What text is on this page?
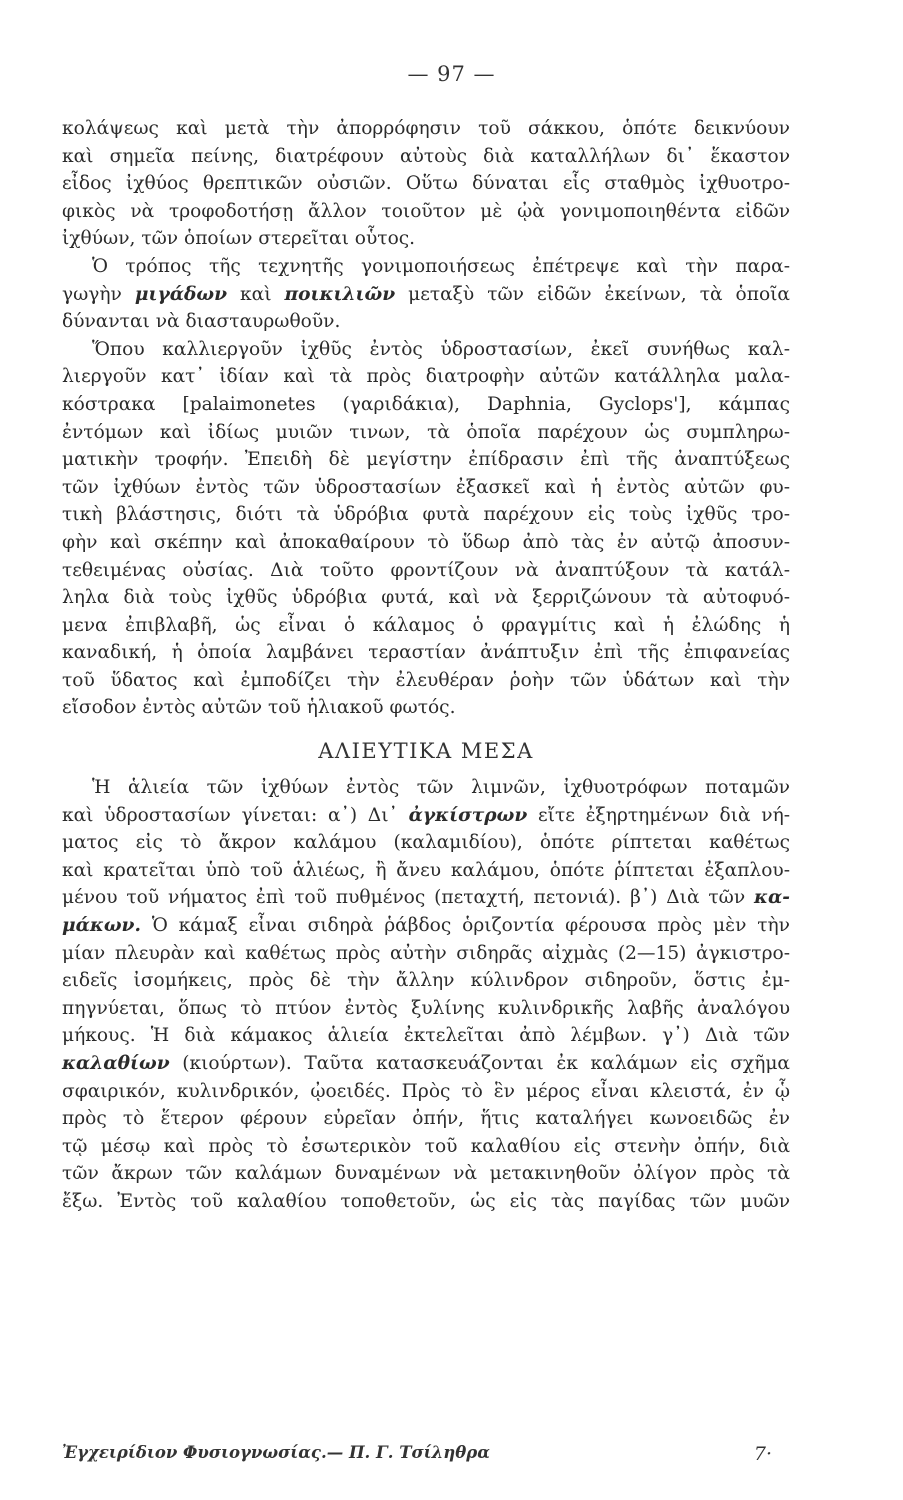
— 97 —
κολάψεως καὶ μετὰ τὴν ἀπορρόφησιν τοῦ σάκκου, ὁπότε δεικνύουν
καὶ σημεῖα πείνης, διατρέφουν αὐτοὺς διὰ καταλλήλων δι᾽ ἕκαστον
εἶδος ἰχθύος θρεπτικῶν οὐσιῶν. Οὕτω δύναται εἷς σταθμὸς ἰχθυοτρο-
φικὸς νὰ τροφοδοτήσῃ ἄλλον τοιοῦτον μὲ ᾠὰ γονιμοποιηθέντα εἰδῶν
ἰχθύων, τῶν ὁποίων στερεῖται οὗτος.
Ὁ τρόπος τῆς τεχνητῆς γονιμοποιήσεως ἐπέτρεψε καὶ τὴν παρα-
γωγὴν μιγάδων καὶ ποικιλιῶν μεταξὺ τῶν εἰδῶν ἐκείνων, τὰ ὁποῖα
δύνανται νὰ διασταυρωθοῦν.
Ὅπου καλλιεργοῦν ἰχθῦς ἐντὸς ὑδροστασίων, ἐκεῖ συνήθως καλ-
λιεργοῦν κατ᾽ ἰδίαν καὶ τὰ πρὸς διατροφὴν αὐτῶν κατάλληλα μαλα-
κόστρακα [palaimonetes (γαριδάκια), Daphnia, Gyclops'], κάμπας
ἐντόμων καὶ ἰδίως μυιῶν τινων, τὰ ὁποῖα παρέχουν ὡς συμπληρω-
ματικὴν τροφήν. Ἐπειδὴ δὲ μεγίστην ἐπίδρασιν ἐπὶ τῆς ἀναπτύξεως
τῶν ἰχθύων ἐντὸς τῶν ὑδροστασίων ἐξασκεῖ καὶ ἡ ἐντὸς αὐτῶν φυ-
τικὴ βλάστησις, διότι τὰ ὑδρόβια φυτὰ παρέχουν εἰς τοὺς ἰχθῦς τρο-
φὴν καὶ σκέπην καὶ ἀποκαθαίρουν τὸ ὕδωρ ἀπὸ τὰς ἐν αὐτῷ ἀποσυν-
τεθειμένας οὐσίας. Διὰ τοῦτο φροντίζουν νὰ ἀναπτύξουν τὰ κατάλ-
ληλα διὰ τοὺς ἰχθῦς ὑδρόβια φυτά, καὶ νὰ ξερριζώνουν τὰ αὐτοφυό-
μενα ἐπιβλαβῆ, ὡς εἶναι ὁ κάλαμος ὁ φραγμίτις καὶ ἡ ἐλώδης ἡ
καναδική, ἡ ὁποία λαμβάνει τεραστίαν ἀνάπτυξιν ἐπὶ τῆς ἐπιφανείας
τοῦ ὕδατος καὶ ἐμποδίζει τὴν ἐλευθέραν ῥοὴν τῶν ὑδάτων καὶ τὴν
εἴσοδον ἐντὸς αὐτῶν τοῦ ἡλιακοῦ φωτός.
ΑΛΙΕΥΤΙΚΑ ΜΕΣΑ
Ἡ ἁλιεία τῶν ἰχθύων ἐντὸς τῶν λιμνῶν, ἰχθυοτρόφων ποταμῶν
καὶ ὑδροστασίων γίνεται: α᾽) Δι᾽ ἀγκίστρων εἴτε ἐξηρτημένων διὰ νή-
ματος εἰς τὸ ἄκρον καλάμου (καλαμιδίου), ὁπότε ρίπτεται καθέτως
καὶ κρατεῖται ὑπὸ τοῦ ἁλιέως, ἢ ἄνευ καλάμου, ὁπότε ῥίπτεται ἐξαπλου-
μένου τοῦ νήματος ἐπὶ τοῦ πυθμένος (πεταχτή, πετονιά). β᾽) Διὰ τῶν κα-
μάκων. Ὁ κάμαξ εἶναι σιδηρὰ ῥάβδος ὁριζοντία φέρουσα πρὸς μὲν τὴν
μίαν πλευρὰν καὶ καθέτως πρὸς αὐτὴν σιδηρᾶς αἰχμὰς (2—15) ἀγκιστρο-
ειδεῖς ἰσομήκεις, πρὸς δὲ τὴν ἄλλην κύλινδρον σιδηροῦν, ὅστις ἐμ-
πηγνύεται, ὅπως τὸ πτύον ἐντὸς ξυλίνης κυλινδρικῆς λαβῆς ἀναλόγου
μήκους. Ἡ διὰ κάμακος ἁλιεία ἐκτελεῖται ἀπὸ λέμβων. γ᾽) Διὰ τῶν
καλαθίων (κιούρτων). Ταῦτα κατασκευάζονται ἐκ καλάμων εἰς σχῆμα
σφαιρικόν, κυλινδρικόν, ᾠοειδές. Πρὸς τὸ ἓν μέρος εἶναι κλειστά, ἐν ᾧ
πρὸς τὸ ἕτερον φέρουν εὐρεῖαν ὀπήν, ἥτις καταλήγει κωνοειδῶς ἐν
τῷ μέσῳ καὶ πρὸς τὸ ἐσωτερικὸν τοῦ καλαθίου εἰς στενὴν ὀπήν, διὰ
τῶν ἄκρων τῶν καλάμων δυναμένων νὰ μετακινηθοῦν ὀλίγον πρὸς τὰ
ἔξω. Ἐντὸς τοῦ καλαθίου τοποθετοῦν, ὡς εἰς τὰς παγίδας τῶν μυῶν
Ἐγχειρίδιον Φυσιογνωσίας.— Π. Γ. Τσίληθρα	7·
